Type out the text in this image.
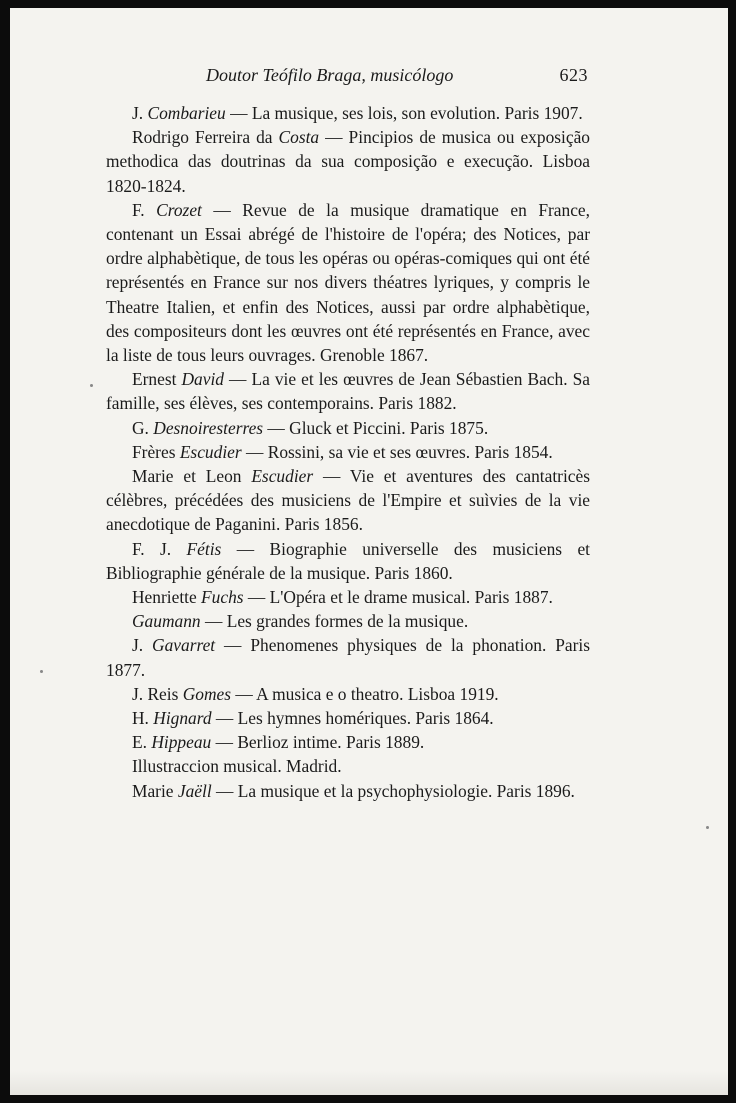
Doutor Teófilo Braga, musicólogo	623

J. Combarieu — La musique, ses lois, son evolution. Paris 1907.

Rodrigo Ferreira da Costa — Pincipios de musica ou exposição methodica das doutrinas da sua composição e execução. Lisboa 1820-1824.

F. Crozet — Revue de la musique dramatique en France, contenant un Essai abrégé de l'histoire de l'opéra; des Notices, par ordre alphabètique, de tous les opéras ou opéras-comiques qui ont été représentés en France sur nos divers théatres lyriques, y compris le Theatre Italien, et enfin des Notices, aussi par ordre alphabètique, des compositeurs dont les œuvres ont été représentés en France, avec la liste de tous leurs ouvrages. Grenoble 1867.

Ernest David — La vie et les œuvres de Jean Sébastien Bach. Sa famille, ses élèves, ses contemporains. Paris 1882.

G. Desnoiresterres — Gluck et Piccini. Paris 1875.

Frères Escudier — Rossini, sa vie et ses œuvres. Paris 1854.

Marie et Leon Escudier — Vie et aventures des cantatricès célèbres, précédées des musiciens de l'Empire et suìvies de la vie anecdotique de Paganini. Paris 1856.

F. J. Fétis — Biographie universelle des musiciens et Bibliographie générale de la musique. Paris 1860.

Henriette Fuchs — L'Opéra et le drame musical. Paris 1887.

Gaumann — Les grandes formes de la musique.

J. Gavarret — Phenomenes physiques de la phonation. Paris 1877.

J. Reis Gomes — A musica e o theatro. Lisboa 1919.

H. Hignard — Les hymnes homériques. Paris 1864.

E. Hippeau — Berlioz intime. Paris 1889.

Illustraccion musical. Madrid.

Marie Jaëll — La musique et la psychophysiologie. Paris 1896.
